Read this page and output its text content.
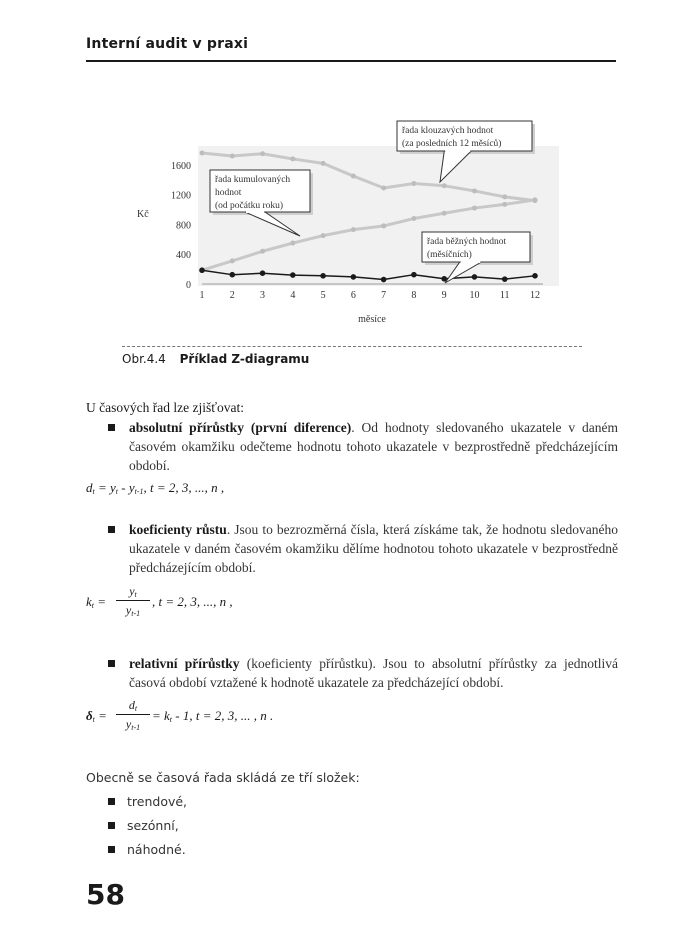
Interní audit v praxi
0
400
800
1200
1600
1	2	3	4	5	6	7	8	9 10 11 12
řada klouzavých hodnot
(za posledních 12 měsíců)
řada kumulovaných
hodnot
(od počátku roku)
řada běžných hodnot
(měsíčních)
Kč
měsíce
Obr.4.4 Příklad Z-diagramu
U časových řad lze zjišťovat:
absolutní přírůstky (první diference). Od hodnoty sledovaného ukazatele v daném časovém okamžiku odečteme hodnotu tohoto ukazatele v bezprostředně předcházejícím období.
$d_t = y_t - y_{t-1}$, t = 2, 3, ..., n ,
koeficienty růstu. Jsou to bezrozměrná čísla, která získáme tak, že hodnotu sledovaného ukazatele v daném časovém okamžiku dělíme hodnotou tohoto ukazatele v bezprostředně předcházejícím období.
$k_t$ =
$y_t$
$y_{t-1}$
, t = 2, 3, ..., n ,
relativní přírůstky (koeficienty přírůstku). Jsou to absolutní přírůstky za jednotlivá časová období vztažené k hodnotě ukazatele za předcházející období.
$\delta_t$ =
$d_t$
$y_{t-1}$
= $k_t - 1$, t = 2, 3, ... , n .
Obecně se časová řada skládá ze tří složek:
trendové,
sezónní,
náhodné.
58
